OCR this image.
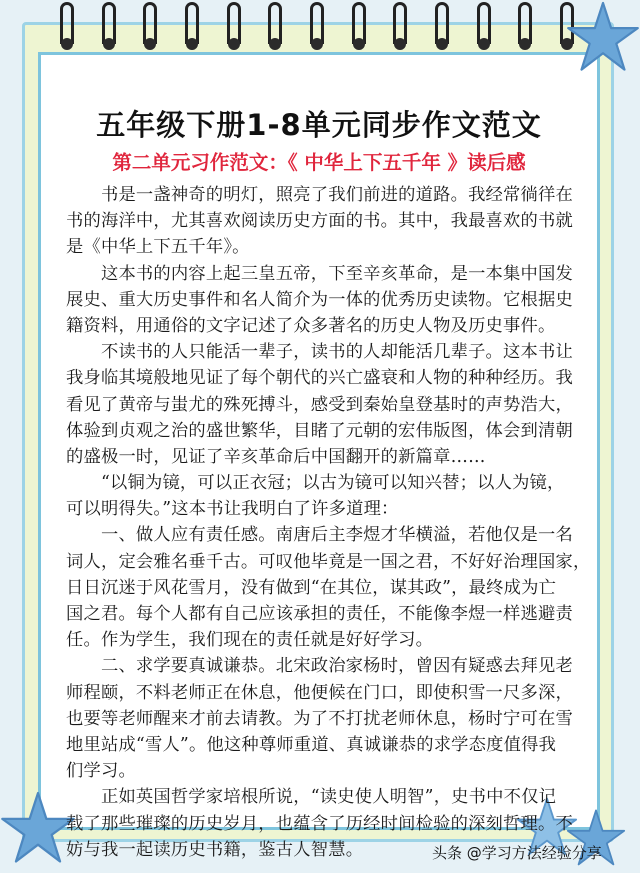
五年级下册1-8单元同步作文范文
第二单元习作范文：《 中华上下五千年 》读后感
　　书是一盏神奇的明灯，照亮了我们前进的道路。我经常徜徉在
书的海洋中，尤其喜欢阅读历史方面的书。其中，我最喜欢的书就
是《中华上下五千年》。
　　这本书的内容上起三皇五帝，下至辛亥革命，是一本集中国发
展史、重大历史事件和名人简介为一体的优秀历史读物。它根据史
籍资料，用通俗的文字记述了众多著名的历史人物及历史事件。
　　不读书的人只能活一辈子，读书的人却能活几辈子。这本书让
我身临其境般地见证了每个朝代的兴亡盛衰和人物的种种经历。我
看见了黄帝与蚩尤的殊死搏斗，感受到秦始皇登基时的声势浩大，
体验到贞观之治的盛世繁华，目睹了元朝的宏伟版图，体会到清朝
的盛极一时，见证了辛亥革命后中国翻开的新篇章……
　　“以铜为镜，可以正衣冠；以古为镜可以知兴替；以人为镜，
可以明得失。”这本书让我明白了许多道理：
　　一、做人应有责任感。南唐后主李煜才华横溢，若他仅是一名
词人，定会雅名垂千古。可叹他毕竟是一国之君，不好好治理国家，
日日沉迷于风花雪月，没有做到“在其位，谋其政”，最终成为亡
国之君。每个人都有自己应该承担的责任，不能像李煜一样逃避责
任。作为学生，我们现在的责任就是好好学习。
　　二、求学要真诚谦恭。北宋政治家杨时，曾因有疑惑去拜见老
师程颐，不料老师正在休息，他便候在门口，即使积雪一尺多深，
也要等老师醒来才前去请教。为了不打扰老师休息，杨时宁可在雪
地里站成“雪人”。他这种尊师重道、真诚谦恭的求学态度值得我
们学习。
　　正如英国哲学家培根所说，“读史使人明智”，史书中不仅记
载了那些璀璨的历史岁月，也蕴含了历经时间检验的深刻哲理。不
妨与我一起读历史书籍，鉴古人智慧。	头条 @学习方法经验分享
